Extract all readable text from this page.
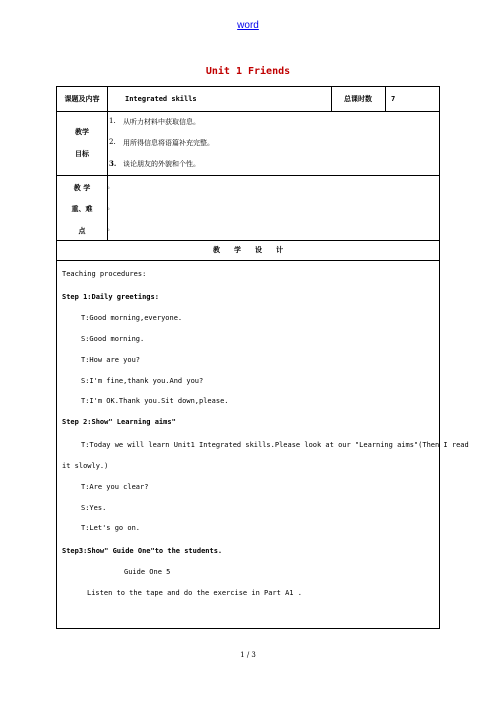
word
Unit 1 Friends
课题及内容	Integrated skills	总课时数	7
教学
目标
1.	从听力材料中获取信息。
2.	用所得信息将语篇补充完整。
3. 谈论朋友的外貌和个性。
教 学
重、难
点
。
。
。
教　　学　　设　　计
Teaching procedures:
Step 1:Daily greetings:
T:Good morning,everyone.
S:Good morning.
T:How are you?
S:I'm fine,thank you.And you?
T:I'm OK.Thank you.Sit down,please.
Step 2:Show" Learning aims"
T:Today we will learn Unit1 Integrated skills.Please look at our "Learning aims"(Then I read
it slowly.)
T:Are you clear?
S:Yes.
T:Let's go on.
Step3:Show" Guide One"to the students.
Guide One 5
Listen to the tape and do the exercise in Part A1 .
1 / 3
